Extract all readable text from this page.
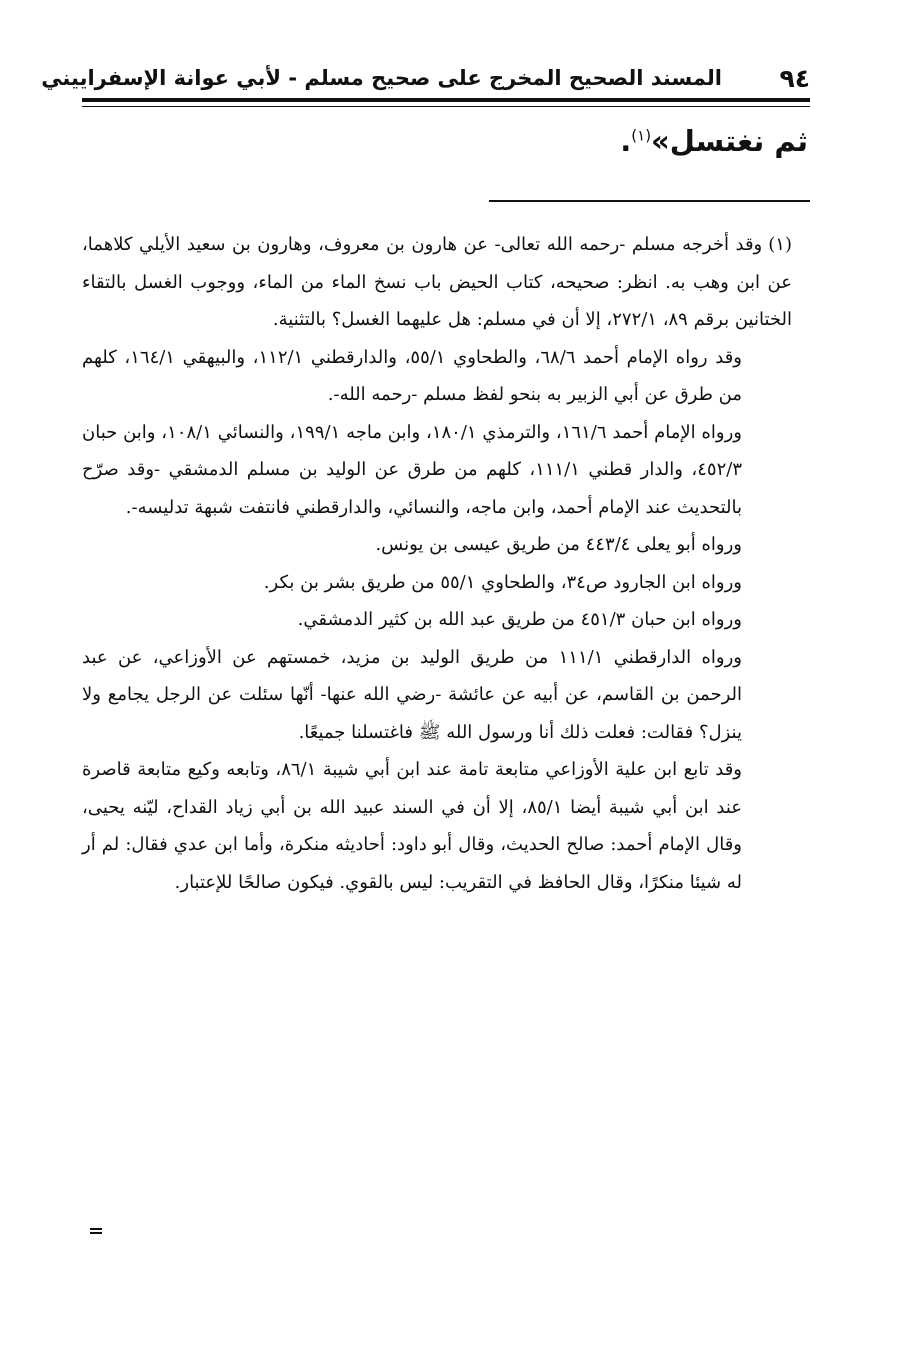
٩٤
المسند الصحيح المخرج على صحيح مسلم - لأبي عوانة الإسفراييني
ثم نغتسل»$^{(١)}$.

(١)وقد أخرجه مسلم -رحمه الله تعالى- عن هارون بن معروف، وهارون بن سعيد الأيلي كلاهما، عن ابن وهب به. انظر: صحيحه، كتاب الحيض باب نسخ الماء من الماء، ووجوب الغسل بالتقاء الختانين برقم ٨٩، ٢٧٢/١، إلا أن في مسلم: هل عليهما الغسل؟ بالتثنية.

وقد رواه الإمام أحمد ٦٨/٦، والطحاوي ٥٥/١، والدارقطني ١١٢/١، والبيهقي ١٦٤/١، كلهم من طرق عن أبي الزبير به بنحو لفظ مسلم -رحمه الله-.

ورواه الإمام أحمد ١٦١/٦، والترمذي ١٨٠/١، وابن ماجه ١٩٩/١، والنسائي ١٠٨/١، وابن حبان ٤٥٢/٣، والدار قطني ١١١/١، كلهم من طرق عن الوليد بن مسلم الدمشقي -وقد صرّح بالتحديث عند الإمام أحمد، وابن ماجه، والنسائي، والدارقطني فانتفت شبهة تدليسه-.

ورواه أبو يعلى ٤٤٣/٤ من طريق عيسى بن يونس.

ورواه ابن الجارود ص٣٤، والطحاوي ٥٥/١ من طريق بشر بن بكر.

ورواه ابن حبان ٤٥١/٣ من طريق عبد الله بن كثير الدمشقي.

ورواه الدارقطني ١١١/١ من طريق الوليد بن مزيد، خمستهم عن الأوزاعي، عن عبد الرحمن بن القاسم، عن أبيه عن عائشة -رضي الله عنها- أنّها سئلت عن الرجل يجامع ولا ينزل؟ فقالت: فعلت ذلك أنا ورسول الله ﷺ فاغتسلنا جميعًا.

وقد تابع ابن علية الأوزاعي متابعة تامة عند ابن أبي شيبة ٨٦/١، وتابعه وكيع متابعة قاصرة عند ابن أبي شيبة أيضا ٨٥/١، إلا أن في السند عبيد الله بن أبي زياد القداح، ليّنه يحيى، وقال الإمام أحمد: صالح الحديث، وقال أبو داود: أحاديثه منكرة، وأما ابن عدي فقال: لم أر له شيئا منكرًا، وقال الحافظ في التقريب: ليس بالقوي. فيكون صالحًا للإعتبار.
